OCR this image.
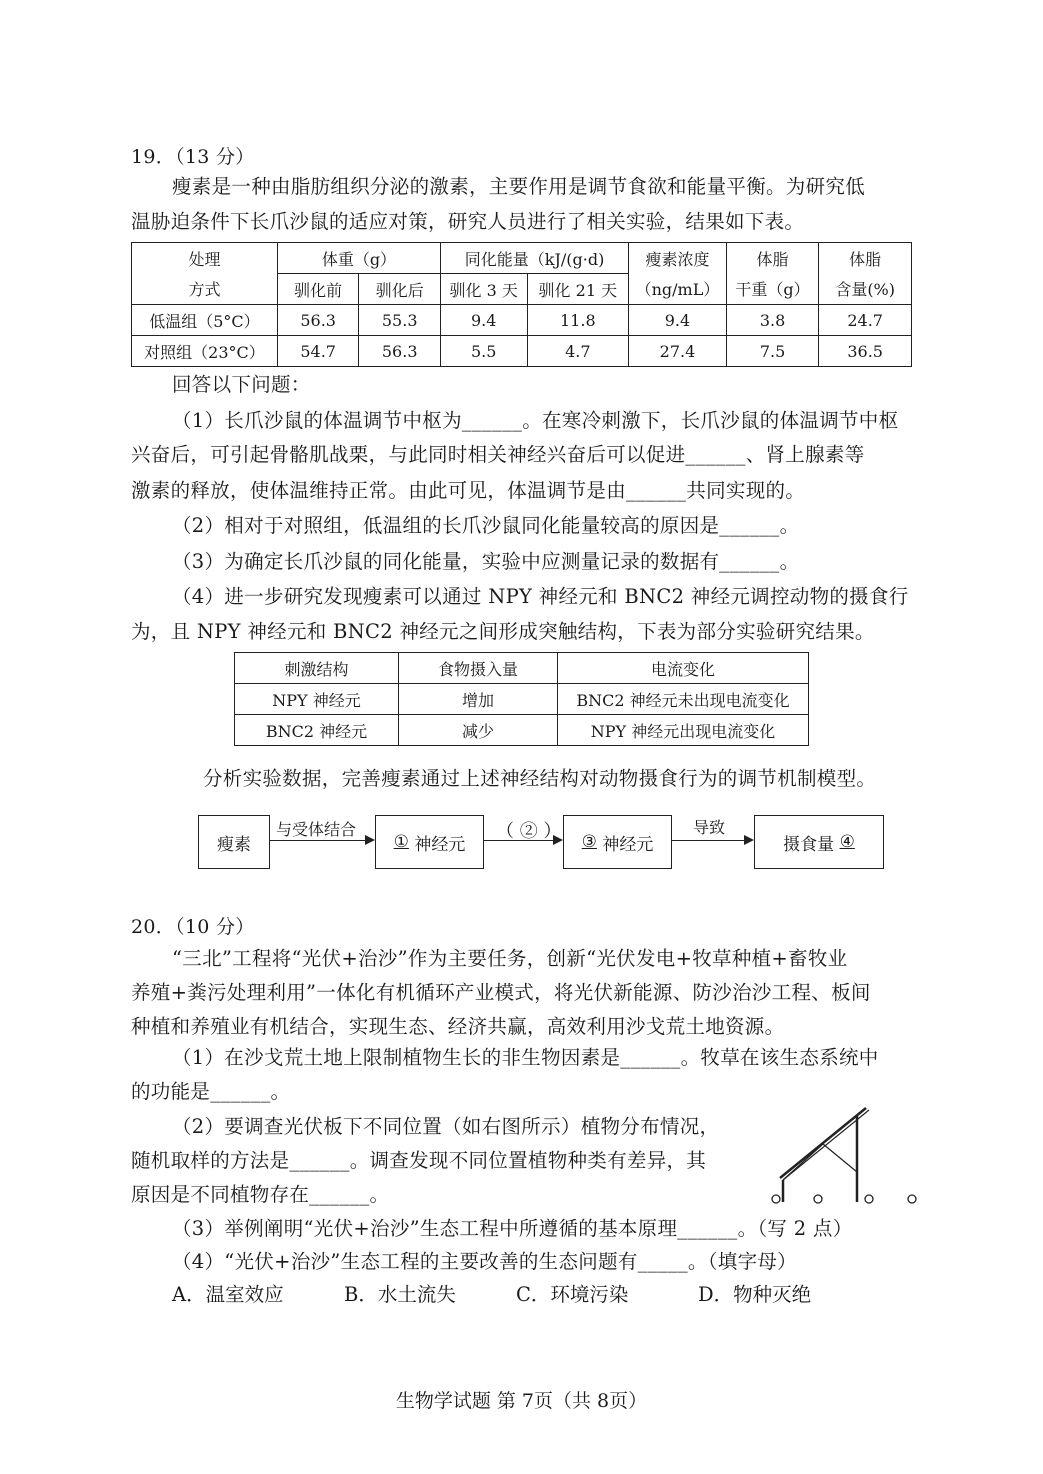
19．（13 分）
瘦素是一种由脂肪组织分泌的激素，主要作用是调节食欲和能量平衡。为研究低
温胁迫条件下长爪沙鼠的适应对策，研究人员进行了相关实验，结果如下表。
处理	体重（g）		同化能量（kJ/(g·d)		瘦素浓度	体脂	体脂
方式	驯化前	驯化后	驯化 3 天	驯化 21 天	（ng/mL）	干重（g）	含量(%)
低温组（5°C）	56.3	55.3	9.4	11.8	9.4	3.8	24.7
对照组（23°C）	54.7	56.3	5.5	4.7	27.4	7.5	36.5
回答以下问题：
（1）长爪沙鼠的体温调节中枢为______。在寒冷刺激下，长爪沙鼠的体温调节中枢
兴奋后，可引起骨骼肌战栗，与此同时相关神经兴奋后可以促进______、肾上腺素等
激素的释放，使体温维持正常。由此可见，体温调节是由______共同实现的。
（2）相对于对照组，低温组的长爪沙鼠同化能量较高的原因是______。
（3）为确定长爪沙鼠的同化能量，实验中应测量记录的数据有______。
（4）进一步研究发现瘦素可以通过 NPY 神经元和 BNC2 神经元调控动物的摄食行
为，且 NPY 神经元和 BNC2 神经元之间形成突触结构，下表为部分实验研究结果。
刺激结构	食物摄入量	电流变化
NPY 神经元	增加	BNC2 神经元未出现电流变化
BNC2 神经元	减少	NPY 神经元出现电流变化
分析实验数据，完善瘦素通过上述神经结构对动物摄食行为的调节机制模型。
瘦素
与受体结合
①
神经元
（ ② ） ③
神经元
导致
摄食量
④
20．（10 分）
“三北”工程将“光伏+治沙”作为主要任务，创新“光伏发电+牧草种植+畜牧业
养殖+粪污处理利用”一体化有机循环产业模式，将光伏新能源、防沙治沙工程、板间
种植和养殖业有机结合，实现生态、经济共赢，高效利用沙戈荒土地资源。
（1）在沙戈荒土地上限制植物生长的非生物因素是______。牧草在该生态系统中
的功能是______。
（2）要调查光伏板下不同位置（如右图所示）植物分布情况，
随机取样的方法是______。调查发现不同位置植物种类有差异，其
原因是不同植物存在______。
（3）举例阐明“光伏+治沙”生态工程中所遵循的基本原理______。（写 2 点）
（4）“光伏+治沙”生态工程的主要改善的生态问题有_____。（填字母）
A．温室效应	B．水土流失	C．环境污染	D．物种灭绝
生物学试题 第 7页（共 8页）
